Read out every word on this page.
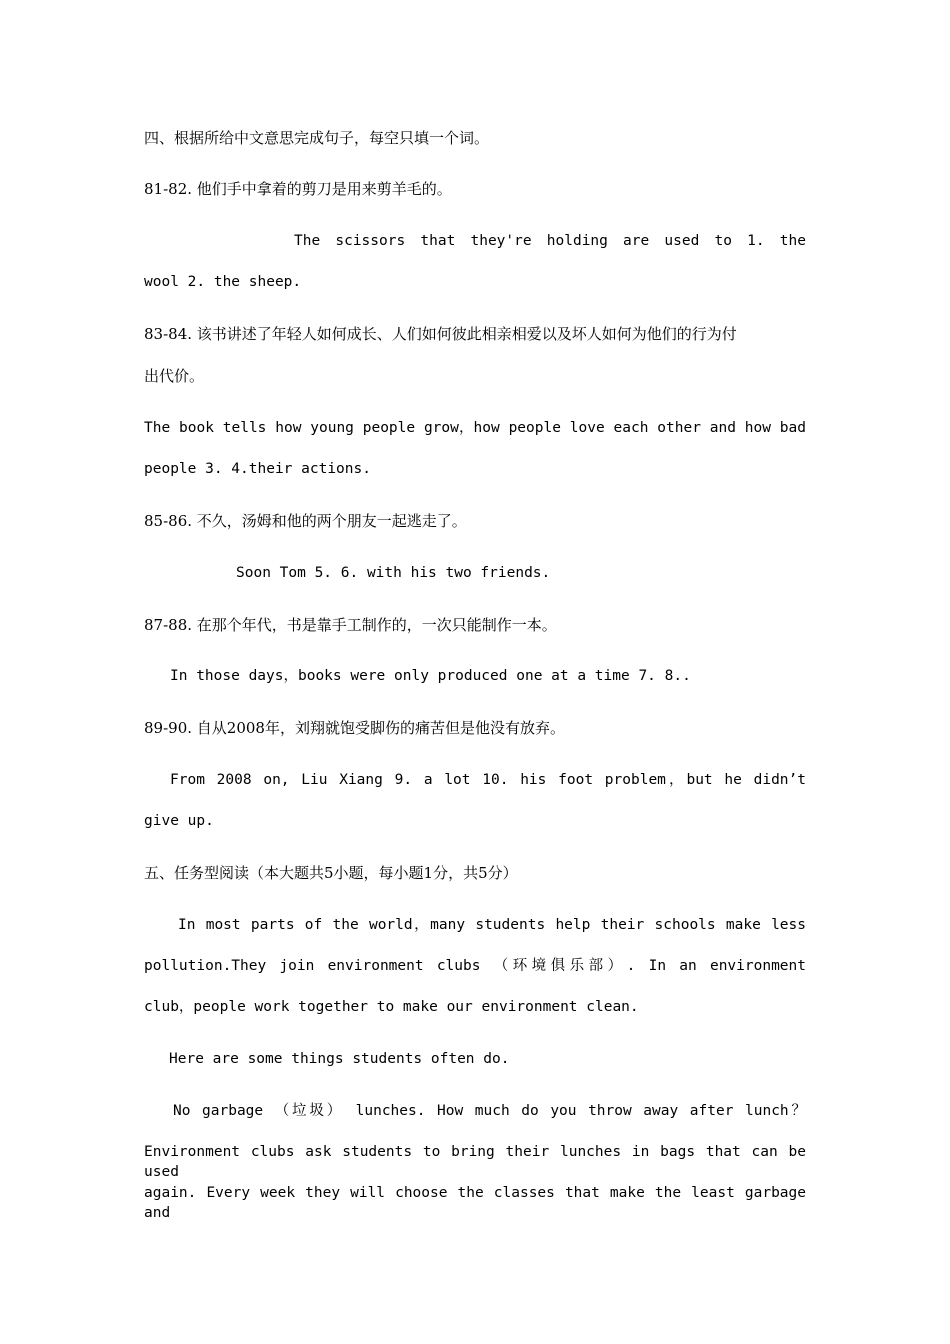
四、根据所给中文意思完成句子，每空只填一个词。
81-82. 他们手中拿着的剪刀是用来剪羊毛的。
The scissors that they're holding are used to 1. the
wool 2. the sheep.
83-84. 该书讲述了年轻人如何成长、人们如何彼此相亲相爱以及坏人如何为他们的行为付
出代价。
The book tells how young people grow，how people love each other and how bad
people 3. 4.their actions.
85-86. 不久，汤姆和他的两个朋友一起逃走了。
Soon Tom 5. 6. with his two friends.
87-88. 在那个年代，书是靠手工制作的，一次只能制作一本。
In those days，books were only produced one at a time 7. 8..
89-90. 自从2008年，刘翔就饱受脚伤的痛苦但是他没有放弃。
From 2008 on, Liu Xiang 9. a lot 10. his foot problem，but he didn’t
give up.
五、任务型阅读（本大题共5小题，每小题1分，共5分）
In most parts of the world，many students help their schools make less
pollution.They join environment clubs （环境俱乐部）. In an environment
club，people work together to make our environment clean.
Here are some things students often do.
No garbage （垃圾） lunches. How much do you throw away after lunch？
Environment clubs ask students to bring their lunches in bags that can be used
again. Every week they will choose the classes that make the least garbage and
